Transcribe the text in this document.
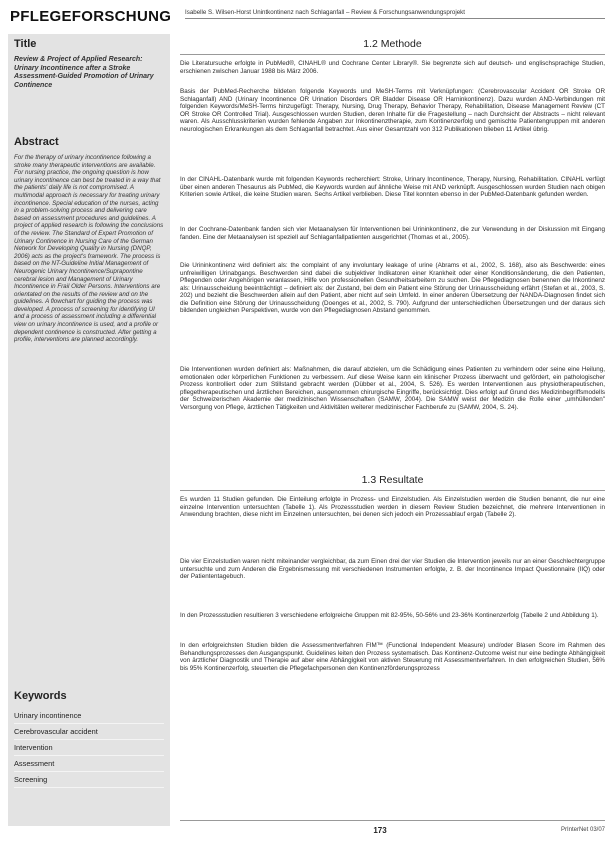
PFLEGEFORSCHUNG	Isabelle S. Wilsen-Horst Unintkontinenz nach Schlaganfall – Review & Forschungsanwendungsprojekt
Title
Review & Project of Applied Research: Urinary Incontinence after a Stroke Assessment-Guided Promotion of Urinary Continence
Abstract
For the therapy of urinary incontinence following a stroke many therapeutic interventions are available. For nursing practice, the ongoing question is how urinary incontinence can best be treated in a way that the patients' daily life is not compromised. A multimodal approach is necessary for treating urinary incontinence. Special education of the nurses, acting in a problem-solving process and delivering care based on assessment procedures and guidelines. A project of applied research is following the conclusions of the review. The Standard of Expert Promotion of Urinary Continence in Nursing Care of the German Network for Developing Quality in Nursing (DNQP, 2006) acts as the project's framework. The process is based on the NT-Guideline Initial Management of Neurogenic Urinary Incontinence/Suprapontine cerebral lesion and Management of Urinary Incontinence in Frail Older Persons. Interventions are orientated on the results of the review and on the guidelines. A flowchart for guiding the process was developed. A process of screening for identifying UI and a process of assessment including a differential view on urinary incontinence is used, and a profile or dependent continence is constructed. After getting a profile, interventions are planned accordingly.
Keywords
Urinary incontinence
Cerebrovascular accident
Intervention
Assessment
Screening
1.2 Methode
Die Literatursuche erfolgte in PubMed®, CINAHL® und Cochrane Center Library®. Sie begrenzte sich auf deutsch- und englischsprachige Studien, erschienen zwischen Januar 1988 bis März 2006.
Basis der PubMed-Recherche bildeten folgende Keywords und MeSH-Terms mit Verknüpfungen: (Cerebrovascular Accident OR Stroke OR Schlaganfall) AND (Urinary Incontinence OR Urination Disorders OR Bladder Disease OR Harninkontinenz). Dazu wurden AND-Verbindungen mit folgenden Keywords/MeSH-Terms hinzugefügt: Therapy, Nursing, Drug Therapy, Behavior Therapy, Rehabilitation, Disease Management Review (CT OR Stroke OR Controlled Trial). Ausgeschlossen wurden Studien, deren Inhalte für die Fragestellung – nach Durchsicht der Abstracts – nicht relevant waren. Als Ausschlusskriterien wurden fehlende Angaben zur Inkontinenztherapie, zum Kontinenzerfolg und gemischte Patientengruppen mit anderen neurologischen Erkrankungen als dem Schlaganfall betrachtet. Aus einer Gesamtzahl von 312 Publikationen blieben 11 Artikel übrig.
In der CINAHL-Datenbank wurde mit folgenden Keywords recherchiert: Stroke, Urinary Incontinence, Therapy, Nursing, Rehabilitation. CINAHL verfügt über einen anderen Thesaurus als PubMed, die Keywords wurden auf ähnliche Weise mit AND verknüpft. Ausgeschlossen wurden Studien nach obigen Kriterien sowie Artikel, die keine Studien waren. Sechs Artikel verblieben. Diese Titel konnten ebenso in der PubMed-Datenbank gefunden werden.
In der Cochrane-Datenbank fanden sich vier Metaanalysen für Interventionen bei Urininkontinenz, die zur Verwendung in der Diskussion mit Eingang fanden. Eine der Metaanalysen ist speziell auf Schlaganfallpatienten ausgerichtet (Thomas et al., 2005).
Die Urininkontinenz wird definiert als: the complaint of any involuntary leakage of urine (Abrams et al., 2002, S. 168), also als Beschwerde: eines unfreiwilligen Urinabgangs. Beschwerden sind dabei die subjektiver Indikatoren einer Krankheit oder einer Konditionsänderung, die den Patienten, Pflegenden oder Angehörigen veranlassen, Hilfe von professionellen Gesundheitsarbeitern zu suchen. Die Pflegediagnosen benennen die Inkontinenz als: Urinausscheidung beeinträchtigt – definiert als: der Zustand, bei dem ein Patient eine Störung der Urinausscheidung erfährt (Stefan et al., 2003, S. 202) und bezieht die Beschwerden allein auf den Patient, aber nicht auf sein Umfeld. In einer anderen Übersetzung der NANDA-Diagnosen findet sich die Definition eine Störung der Urinausscheidung (Doenges et al., 2002, S. 790). Aufgrund der unterschiedlichen Übersetzungen und der daraus sich bildenden ungleichen Perspektiven, wurde von den Pflegediagnosen Abstand genommen.
Die Interventionen wurden definiert als: Maßnahmen, die darauf abzielen, um die Schädigung eines Patienten zu verhindern oder seine eine Heilung, emotionalen oder körperlichen Funktionen zu verbessern. Auf diese Weise kann ein klinischer Prozess überwacht und gefördert, ein pathologischer Prozess kontrolliert oder zum Stillstand gebracht werden (Dübber et al., 2004, S. 526). Es werden Interventionen aus physiotherapeutischen, pflegetherapeutischen und ärztlichen Bereichen, ausgenommen chirurgische Eingriffe, berücksichtigt. Dies erfolgt auf Grund des Medizinbegriffsmodells der Schweizerischen Akademie der medizinischen Wissenschaften (SAMW, 2004). Die SAMW weist der Medizin die Rolle einer „umhüllenden" Versorgung von Pflege, ärztlichen Tätigkeiten und Aktivitäten weiterer medizinischer Fachberufe zu (SAMW, 2004, S. 24).
1.3 Resultate
Es wurden 11 Studien gefunden. Die Einteilung erfolgte in Prozess- und Einzelstudien. Als Einzelstudien werden die Studien benannt, die nur eine einzelne Intervention untersuchten (Tabelle 1). Als Prozessstudien werden in diesem Review Studien bezeichnet, die mehrere Interventionen in Anwendung brachten, diese nicht im Einzelnen untersuchten, bei denen sich jedoch ein Prozessablauf ergab (Tabelle 2).
Die vier Einzelstudien waren nicht miteinander vergleichbar, da zum Einen drei der vier Studien die Intervention jeweils nur an einer Geschlechtergruppe untersuchte und zum Anderen die Ergebnismessung mit verschiedenen Instrumenten erfolgte, z. B. der Incontinence Impact Questionnaire (IIQ) oder der Patiententagebuch.
In den Prozessstudien resultieren 3 verschiedene erfolgreiche Gruppen mit 82-95%, 50-56% und 23-36% Kontinenzerfolg (Tabelle 2 und Abbildung 1).
In den erfolgreichsten Studien bilden die Assessmentverfahren FIM™ (Functional Independent Measure) und/oder Blasen Score im Rahmen des Behandlungsprozesses den Ausgangspunkt. Guidelines leiten den Prozess systematisch. Das Kontinenz-Outcome weist nur eine bedingte Abhängigkeit von ärztlicher Diagnostik und Therapie auf aber eine Abhängigkeit von aktiven Steuerung mit Assessmentverfahren. In den erfolgreichen Studien, 56% bis 95% Kontinenzerfolg, steuerten die Pflegefachpersonen den Kontinenzförderungsprozess
173	PrInterNet 03/07
